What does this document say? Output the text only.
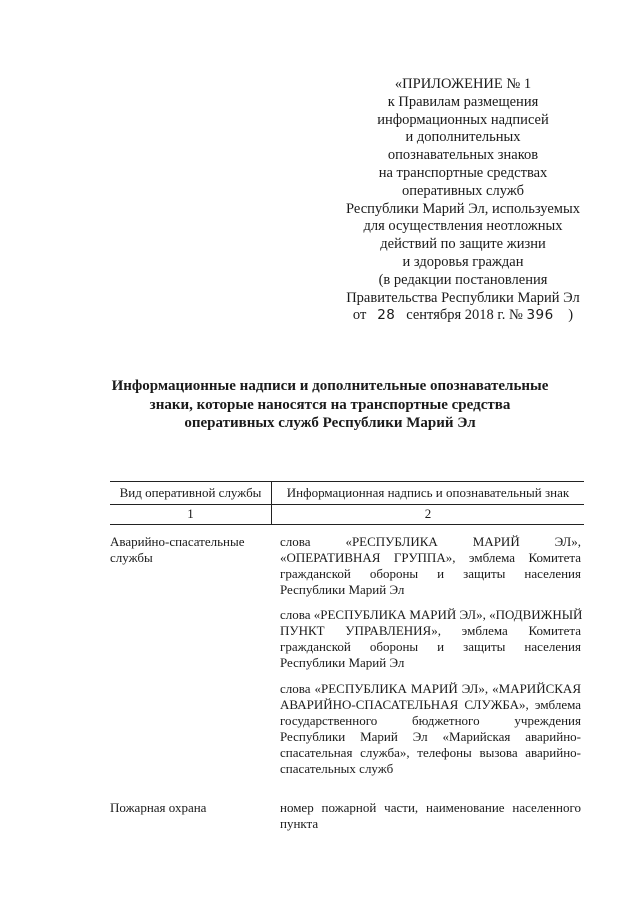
«ПРИЛОЖЕНИЕ № 1
к Правилам размещения
информационных надписей
и дополнительных
опознавательных знаков
на транспортные средствах
оперативных служб
Республики Марий Эл, используемых
для осуществления неотложных
действий по защите жизни
и здоровья граждан
(в редакции постановления
Правительства Республики Марий Эл
от 28 сентября 2018 г. № 396 )
Информационные надписи и дополнительные опознавательные
знаки, которые наносятся на транспортные средства
оперативных служб Республики Марий Эл
Вид оперативной службы	Информационная надпись и опознавательный знак
1	2
Аварийно-спасательные
службы
слова «РЕСПУБЛИКА МАРИЙ ЭЛ»,
«ОПЕРАТИВНАЯ ГРУППА», эмблема Комитета
гражданской обороны и защиты населения
Республики Марий Эл
слова «РЕСПУБЛИКА МАРИЙ ЭЛ», «ПОДВИЖНЫЙ
ПУНКТ УПРАВЛЕНИЯ», эмблема Комитета
гражданской обороны и защиты населения
Республики Марий Эл
слова «РЕСПУБЛИКА МАРИЙ ЭЛ», «МАРИЙСКАЯ
АВАРИЙНО-СПАСАТЕЛЬНАЯ СЛУЖБА», эмблема
государственного бюджетного учреждения
Республики Марий Эл «Марийская аварийно-
спасательная служба», телефоны вызова аварийно-
спасательных служб
Пожарная охрана	номер пожарной части, наименование населенного
пункта
